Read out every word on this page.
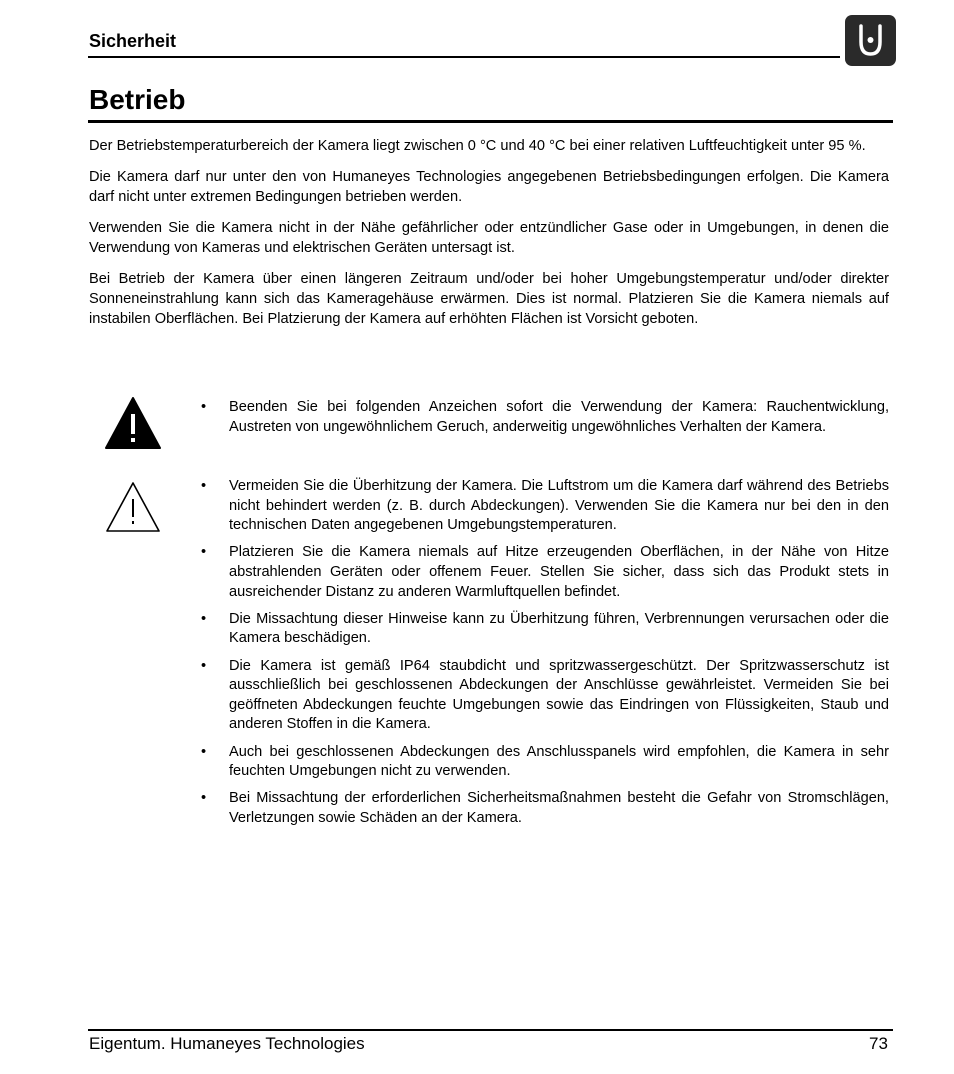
Sicherheit
Betrieb

Der Betriebstemperaturbereich der Kamera liegt zwischen 0 °C und 40 °C bei einer relativen Luftfeuchtigkeit unter 95 %.

Die Kamera darf nur unter den von Humaneyes Technologies angegebenen Betriebsbedingungen erfolgen. Die Kamera darf nicht unter extremen Bedingungen betrieben werden.

Verwenden Sie die Kamera nicht in der Nähe gefährlicher oder entzündlicher Gase oder in Umgebungen, in denen die Verwendung von Kameras und elektrischen Geräten untersagt ist.

Bei Betrieb der Kamera über einen längeren Zeitraum und/oder bei hoher Umgebungstemperatur und/oder direkter Sonneneinstrahlung kann sich das Kameragehäuse erwärmen. Dies ist normal. Platzieren Sie die Kamera niemals auf instabilen Oberflächen. Bei Platzierung der Kamera auf erhöhten Flächen ist Vorsicht geboten.

• Beenden Sie bei folgenden Anzeichen sofort die Verwendung der Kamera: Rauchentwicklung, Austreten von ungewöhnlichem Geruch, anderweitig ungewöhnliches Verhalten der Kamera.
• Vermeiden Sie die Überhitzung der Kamera. Die Luftstrom um die Kamera darf während des Betriebs nicht behindert werden (z. B. durch Abdeckungen). Verwenden Sie die Kamera nur bei den in den technischen Daten angegebenen Umgebungstemperaturen.
• Platzieren Sie die Kamera niemals auf Hitze erzeugenden Oberflächen, in der Nähe von Hitze abstrahlenden Geräten oder offenem Feuer. Stellen Sie sicher, dass sich das Produkt stets in ausreichender Distanz zu anderen Warmluftquellen befindet.
• Die Missachtung dieser Hinweise kann zu Überhitzung führen, Verbrennungen verursachen oder die Kamera beschädigen.
• Die Kamera ist gemäß IP64 staubdicht und spritzwassergeschützt. Der Spritzwasserschutz ist ausschließlich bei geschlossenen Abdeckungen der Anschlüsse gewährleistet. Vermeiden Sie bei geöffneten Abdeckungen feuchte Umgebungen sowie das Eindringen von Flüssigkeiten, Staub und anderen Stoffen in die Kamera.
• Auch bei geschlossenen Abdeckungen des Anschlusspanels wird empfohlen, die Kamera in sehr feuchten Umgebungen nicht zu verwenden.
• Bei Missachtung der erforderlichen Sicherheitsmaßnahmen besteht die Gefahr von Stromschlägen, Verletzungen sowie Schäden an der Kamera.
Eigentum. Humaneyes Technologies	73
